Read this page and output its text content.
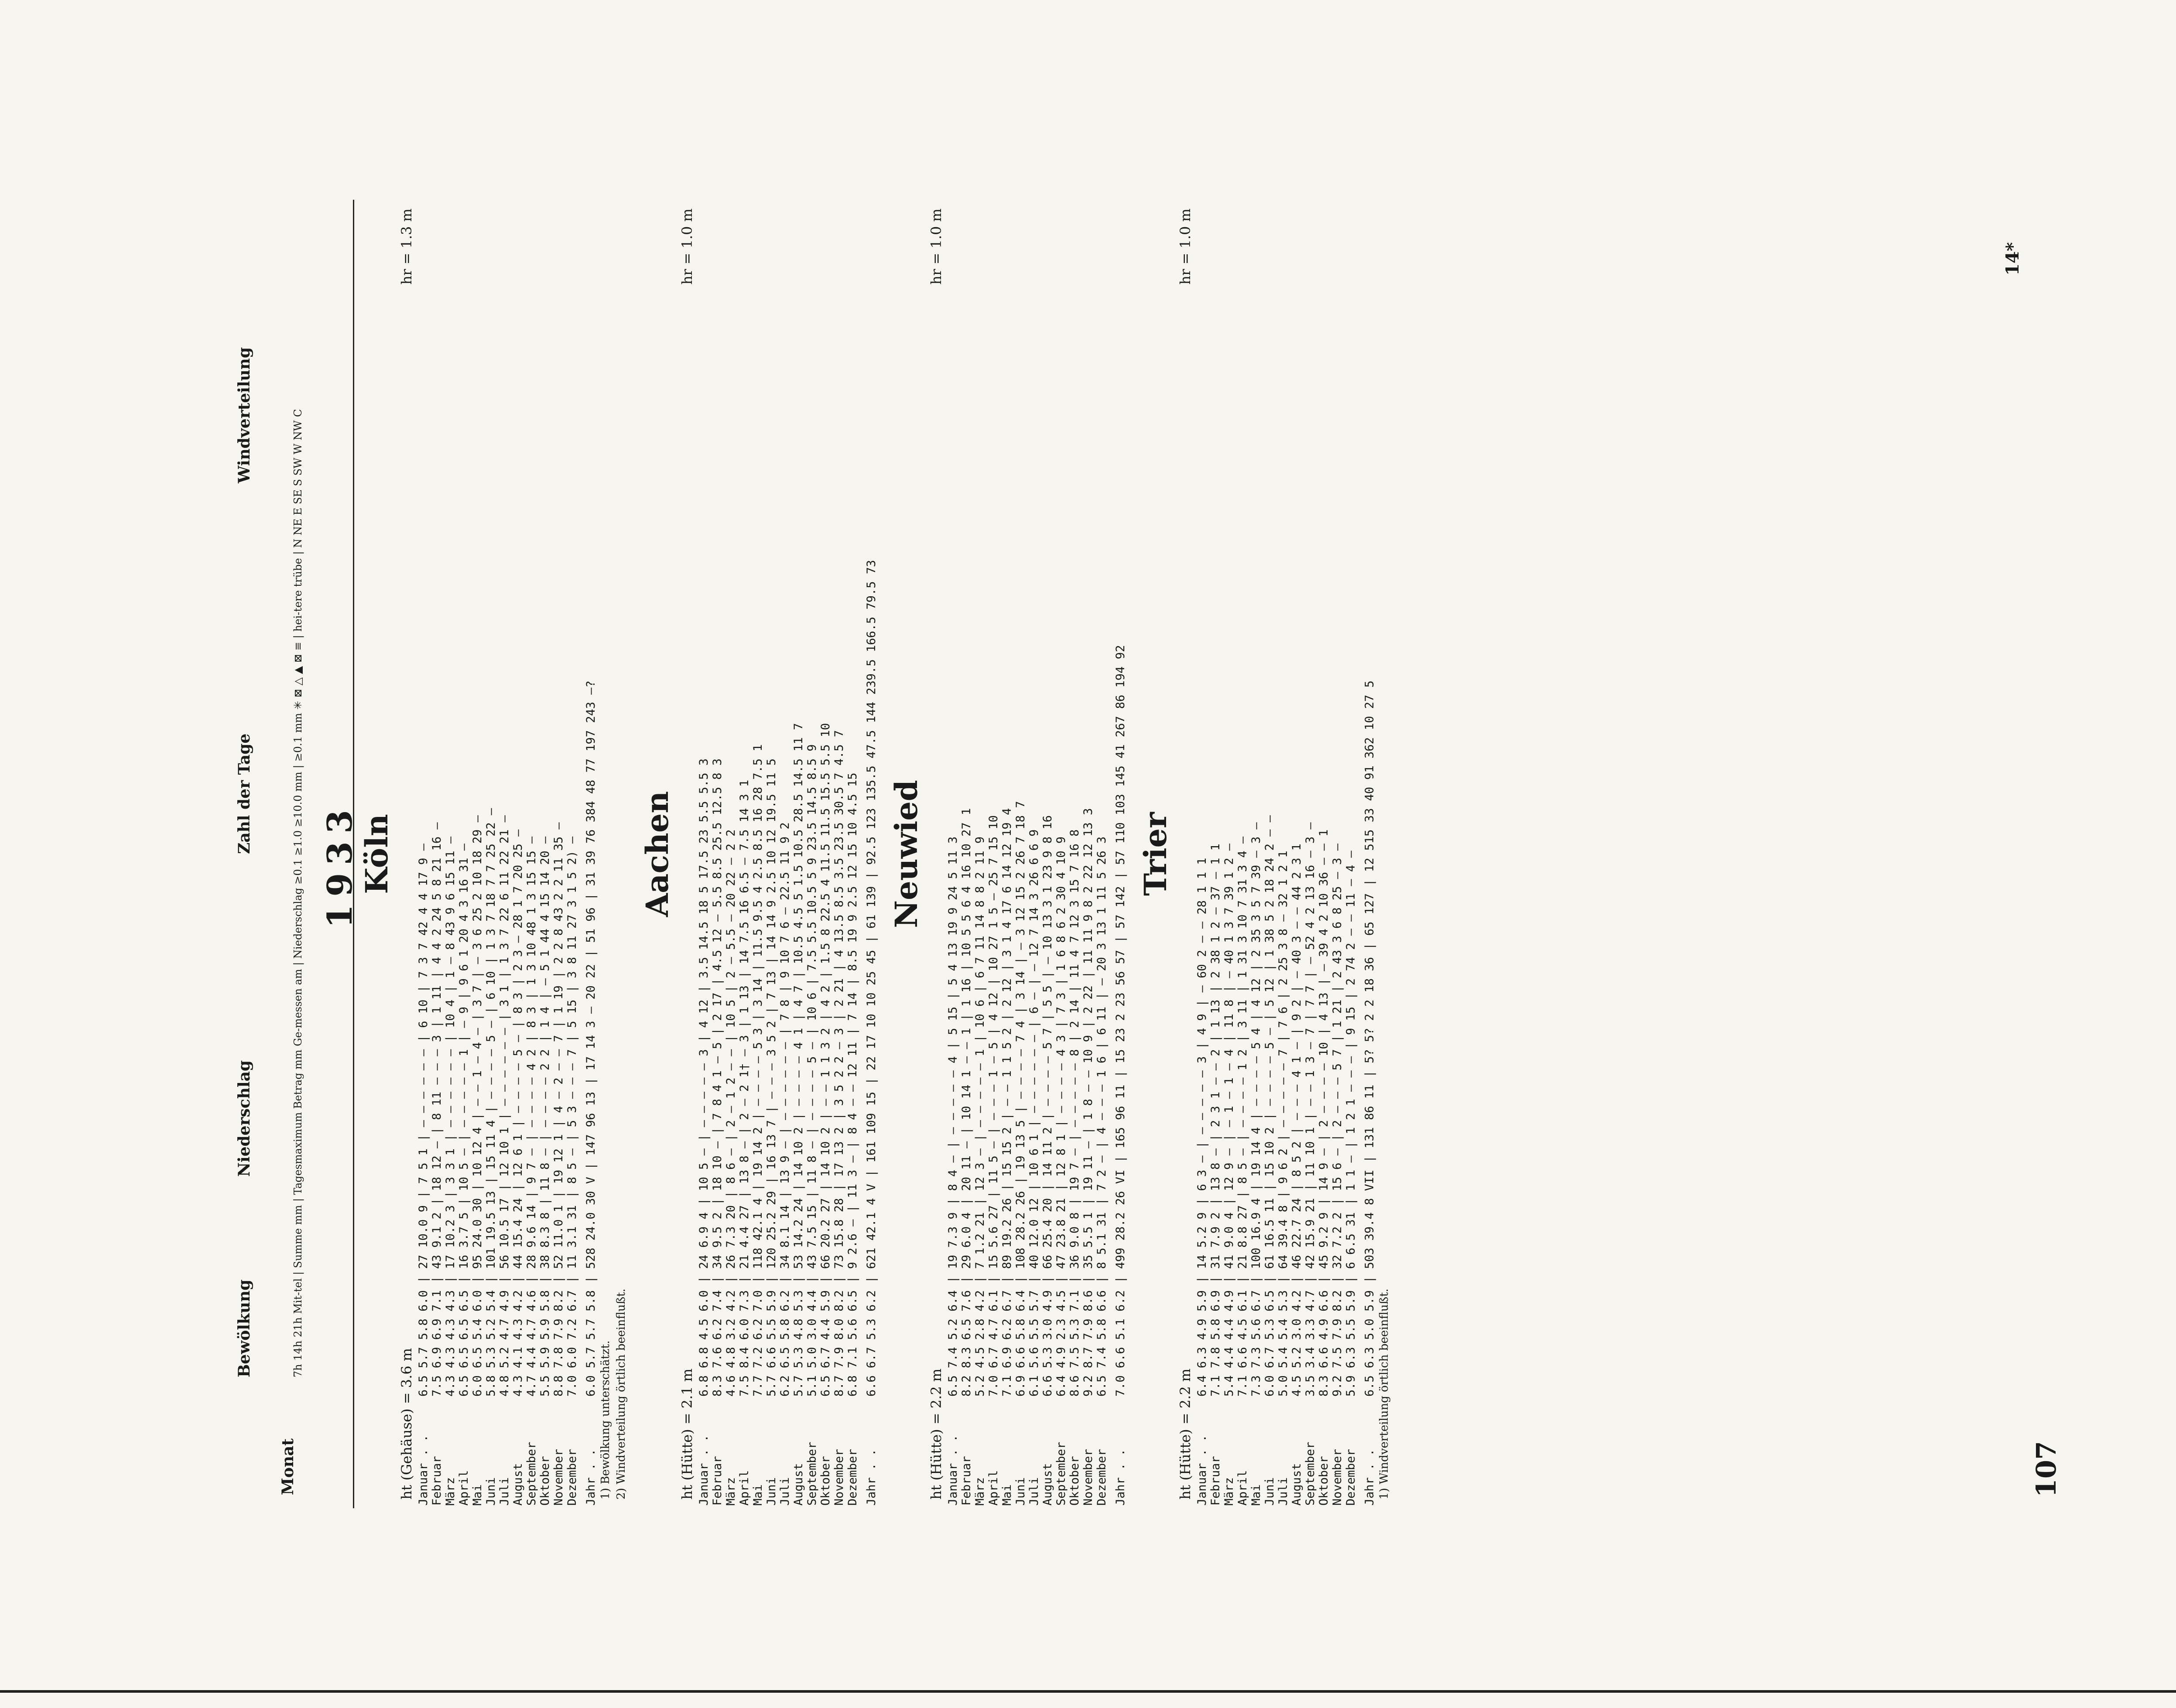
107
14*
Monat
Bewölkung
Niederschlag
Zahl der Tage
Windverteilung	7h 14h 21h Mit-tel | Summe mm | Tagesmaximum Betrag mm Ge-messen am | Niederschlag ≥0.1 ≥1.0 ≥10.0 mm | ≥0.1 mm ✳ ⊠ △ ▲ ⊠ ≡ | hei-tere trübe | N NE E SE S SW W NW C 1933
Köln
ht (Gehäuse) = 3.6 m
hr = 1.3 m
Januar . .6.5 5.7 5.8 6.0 | 27 10.0 9 | 7 5 1 | — — — — — — | 6 10 | 7 3 7 42 4 4 17 9 —
Februar7.5 6.9 6.9 7.1 | 43 9.1 2 | 18 12 — | 8 11 — — — 3 | 1 11 | 4 4 2 24 5 8 21 16 —
März4.3 4.3 4.3 4.3 | 17 10.2 3 | 3 3 1 | — — — — — — | 10 4 | 1 — 8 43 9 6 15 11 —
April6.5 6.5 6.5 6.5 | 16 3.7 5 | 10 5 — | — — — — — 1 | — 9 | 9 6 1 20 4 3 16 31 —
Mai6.0 6.5 5.4 6.0 | 95 24.0 30 | 10 12 4 | — — 1 — 4 — | 3 7 | — 3 6 25 2 10 18 29 —
Juni5.8 5.3 5.2 5.4 | 101 19.5 13 | 15 11 4 | — — — — 5 — | 6 10 | 1 3 7 18 7 7 25 22 —
Juli4.8 5.2 4.7 4.9 | 56 10.5 17 | 12 10 1 | — — — — — — | 3 1 | 1 3 7 22 6 11 22 21 —
August4.3 4.1 4.3 4.2 | 44 15.4 24 | 12 6 1 | — — — — 5 — | 8 3 | 2 3 — 28 1 7 20 25 —
September4.7 4.4 4.7 4.6 | 28 9.6 14 | 9 7 — | — — — — 4 2 | 8 3 | 1 3 10 48 1 3 15 15 —
Oktober5.5 5.9 5.9 5.8 | 38 8.3 8 | 11 8 — | — — — — 2 2 | 1 4 | — 5 1 44 4 15 14 20 —
November8.8 7.8 7.9 8.2 | 52 11.0 1 | 19 12 1 | 4 — 2 — — 7 | 1 19 | 2 2 8 43 2 2 11 35 —
Dezember7.0 6.0 7.2 6.7 | 11 3.1 31 | 8 5 — | 5 3 — — — 7 | 5 15 | 3 8 11 27 3 1 5 2) —
Jahr . .6.0 5.7 5.7 5.8 | 528 24.0 30 V | 147 96 13 | 17 14 3 — 20 22 | 51 96 | 31 39 76 384 48 77 197 243 —?
1) Bewölkung unterschätzt. 2) Windverteilung örtlich beeinflußt.
Aachen
ht (Hütte) = 2.1 m
hr = 1.0 m
Januar . .6.8 6.8 4.5 6.0 | 24 6.9 4 | 10 5 — | — — — — — 3 | 4 12 | 3.5 14.5 18 5 17.5 23 5.5 5.5 3
Februar8.3 7.6 6.2 7.4 | 34 9.5 2 | 18 10 — | 7 8 4 1 — 5 | 2 17 | 4.5 12 — 5.5 8.5 25.5 12.5 8 3
März4.6 4.8 3.2 4.2 | 26 7.3 20 | 8 6 — | 2 — 1 2 — — | 10 5 | 2 — 5.5 — 20 22 — 2 2
April7.5 8.4 6.0 7.3 | 21 4.4 27 | 13 8 — | 2 — 2 1† — 3 | 1 13 | 14 7.5 16 6.5 — 7.5 14 3 1
Mai7.7 7.2 6.2 7.0 | 118 42.1 4 | 19 14 2 | — — — — 5 3 | 3 14 | 11.5 9.5 4 2.5 8.5 16 28 7.5 1
Juni5.7 6.6 5.5 5.9 | 120 25.2 29 | 16 13 7 | — — — 3 5 2 | 7 13 | 14 14 9 2.5 10 12 19.5 11 5
Juli6.2 6.5 5.8 6.2 | 34 8.1 14 | 13 9 — | — — — — — — | 7 8 | 9 10 7 6 — 22.5 11 9 2
August5.7 5.3 4.8 5.3 | 53 14.2 24 | 14 10 2 | — — — — 4 1 | 4 7 | 10.5 4.5 5 1.5 10.5 28.5 14.5 11 7
September5.1 5.0 3.0 4.4 | 43 7.5 15 | 11 8 — | — — — — 5 — | 10 6 | 7.5 5.5 10.5 5 9 23.5 14.5 8.5 9
Oktober6.5 6.7 4.4 5.9 | 66 20.2 27 | 14 10 2 | — — 1 1 3 2 | 4 2 | 1.5 8 22.5 4 11.5 11.5 15.5 5.5 10
November8.7 7.9 8.0 8.2 | 73 15.8 28 | 17 13 2 | 3 5 2 2 — 3 | 2 21 | 4 13.5 8.5 3.5 23.5 30.5 7 4.5 7
Dezember6.8 7.1 5.6 6.5 | 9 2.6 — | 11 3 — | 8 4 — — 12 11 | 7 14 | 8.5 19 9 2.5 12 15 10 4.5 15
Jahr . .6.6 6.7 5.3 6.2 | 621 42.1 4 V | 161 109 15 | 22 17 10 10 25 45 | 61 139 | 92.5 123 135.5 47.5 144 239.5 166.5 79.5 73 Neuwied
ht (Hütte) = 2.2 m
hr = 1.0 m
Januar . .6.5 7.4 5.2 6.4 | 19 7.3 9 | 8 4 — | — — — — — 4 | 5 15 | 5 4 13 19 9 24 5 11 3
Februar8.2 8.3 6.5 7.6 | 29 6.0 4 | 20 11 — | 10 14 1 — — 1 | 1 16 | 10 5 5 6 4 16 10 27 1
März5.2 4.5 2.8 4.2 | 7 1.2 21 | 12 3 — | — — — — — 1 | 10 6 | 6 7 11 14 8 8 2 11 9
April7.0 6.7 4.7 6.1 | 15 5.6 27 | 11 5 — | — — — 1 — 5 | 4 12 | 10 27 1 5 — 25 7 15 10
Mai7.1 6.9 6.2 6.7 | 89 19.2 26 | 15 15 2 | — — 1 1 5 2 | 2 12 | 3 1 4 17 6 14 12 19 4
Juni6.9 6.6 5.8 6.4 | 108 28.2 26 | 19 13 5 | — — — — 7 4 | 3 14 | — 3 12 15 2 26 7 18 7
Juli6.1 5.6 5.5 5.7 | 40 12.0 12 | 10 6 1 | — — — — — — | 6 — | — 12 7 14 3 26 6 6 9
August6.6 5.3 3.0 4.9 | 66 25.4 20 | 14 11 2 | — — — — 5 7 | 5 5 | — 10 13 3 1 23 9 8 16
September6.4 4.9 2.3 4.5 | 47 23.8 21 | 12 8 1 | — — — — 4 3 | 7 3 | 1 6 8 6 2 30 4 10 9
Oktober8.6 7.5 5.3 7.1 | 36 9.0 8 | 19 7 — | — — — — — 8 | 2 14 | 11 4 7 12 3 15 7 16 8
November9.2 8.7 7.9 8.6 | 35 5.5 1 | 19 11 — | 1 8 — — 10 9 | 2 22 | 11 11 9 8 2 22 12 13 3
Dezember6.5 7.4 5.8 6.6 | 8 5.1 31 | 7 2 — | 4 — — — 1 6 | 6 11 | — 20 3 13 1 11 5 26 3
Jahr . .7.0 6.6 5.1 6.2 | 499 28.2 26 VI | 165 96 11 | 15 23 2 23 56 57 | 57 142 | 57 110 103 145 41 267 86 194 92 Trier
ht (Hütte) = 2.2 m
hr = 1.0 m
Januar . .6.4 6.3 4.9 5.9 | 14 5.2 9 | 6 3 — | — — — — — 3 | 4 9 | — 60 2 — — 28 1 1 1
Februar7.1 7.8 5.8 6.9 | 31 7.9 2 | 13 8 — | 2 3 1 — — 2 | 1 13 | 2 38 1 2 — 37 — 1 1
März5.4 4.4 4.4 4.9 | 41 9.0 4 | 12 9 — | — 1 — 1 — 4 | 11 8 | — 40 1 3 7 39 1 2 —
April7.1 6.6 4.5 6.1 | 21 8.8 27 | 8 5 — | — — — — 1 2 | 3 11 | 1 31 3 10 7 31 3 4 —
Mai7.3 7.3 5.6 6.7 | 100 16.9 4 | 19 14 4 | — — — — 5 4 | 4 12 | 2 35 3 5 7 39 — 3 —
Juni6.0 6.7 5.3 6.5 | 61 16.5 11 | 15 10 2 | — — — — 5 — | 5 12 | 1 38 5 2 18 24 2 — —
Juli5.0 5.4 5.4 5.3 | 64 39.4 8 | 9 6 2 | — — — — — 7 | 7 6 | 2 25 3 8 — 32 1 2 1
August4.5 5.2 3.0 4.2 | 46 22.7 24 | 8 5 2 | — — — 4 1 — | 9 2 | — 40 3 — — 44 2 3 1
September3.5 3.4 3.3 4.7 | 42 15.9 21 | 11 10 1 | — — 1 3 — 7 | 7 7 | — 52 4 2 13 16 — 3 —
Oktober8.3 6.6 4.9 6.6 | 45 9.2 9 | 14 9 — | 2 — — — — 10 | 4 13 | — 39 4 2 10 36 — — 1
November9.2 7.5 7.9 8.2 | 32 7.2 2 | 15 6 — | 2 — — — 5 7 | 1 21 | 2 43 3 6 8 25 — 3 —
Dezember5.9 6.3 5.5 5.9 | 6 6.5 31 | 1 1 — | 1 2 1 — — — | 9 15 | 2 74 2 — — 11 — 4 —
Jahr . .6.5 6.3 5.0 5.9 | 503 39.4 8 VII | 131 86 11 | 5? 5? 2 2 18 36 | 65 127 | 12 515 33 40 91 362 10 27 5 1) Windverteilung örtlich beeinflußt.
